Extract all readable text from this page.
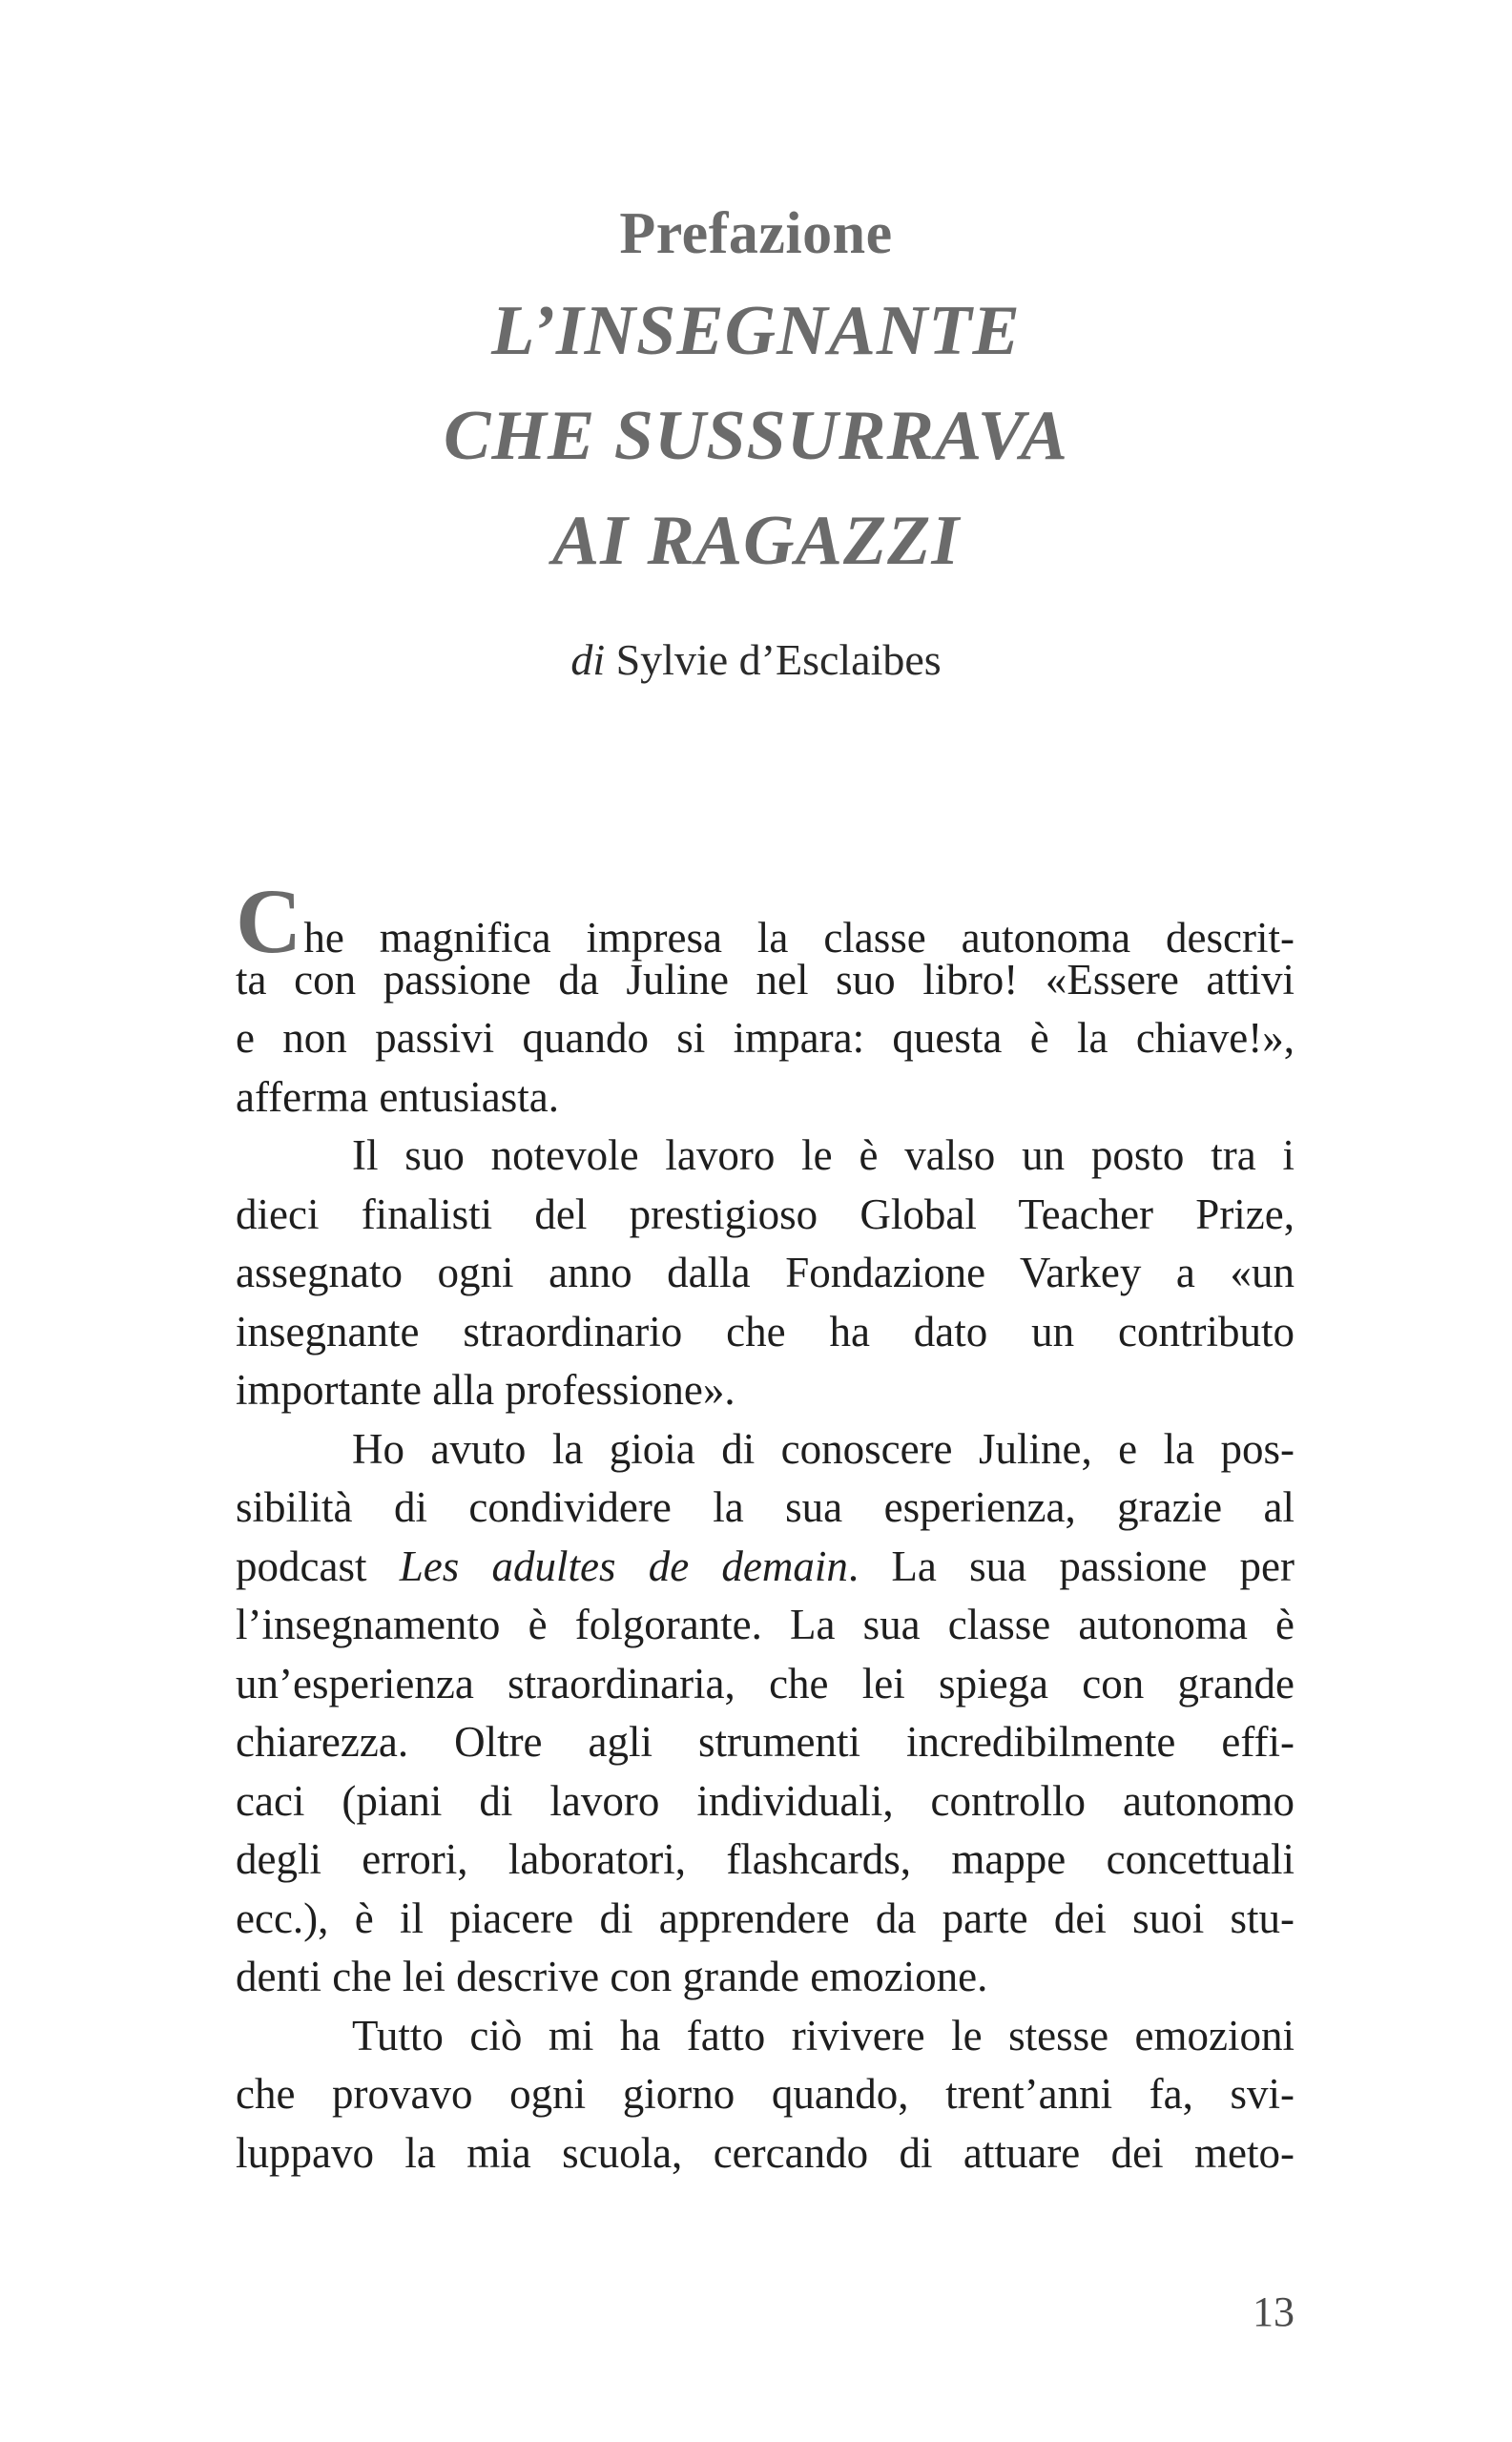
Prefazione
L’INSEGNANTE
CHE SUSSURRAVA
AI RAGAZZI
di Sylvie d’Esclaibes
Che magnifica impresa la classe autonoma descrit-
ta con passione da Juline nel suo libro! «Essere attivi
e non passivi quando si impara: questa è la chiave!»,
afferma entusiasta.
Il suo notevole lavoro le è valso un posto tra i
dieci finalisti del prestigioso Global Teacher Prize,
assegnato ogni anno dalla Fondazione Varkey a «un
insegnante straordinario che ha dato un contributo
importante alla professione».
Ho avuto la gioia di conoscere Juline, e la pos-
sibilità di condividere la sua esperienza, grazie al
podcast Les adultes de demain. La sua passione per
l’insegnamento è folgorante. La sua classe autonoma è
un’esperienza straordinaria, che lei spiega con grande
chiarezza. Oltre agli strumenti incredibilmente effi-
caci (piani di lavoro individuali, controllo autonomo
degli errori, laboratori, flashcards, mappe concettuali
ecc.), è il piacere di apprendere da parte dei suoi stu-
denti che lei descrive con grande emozione.
Tutto ciò mi ha fatto rivivere le stesse emozioni
che provavo ogni giorno quando, trent’anni fa, svi-
luppavo la mia scuola, cercando di attuare dei meto-
13
